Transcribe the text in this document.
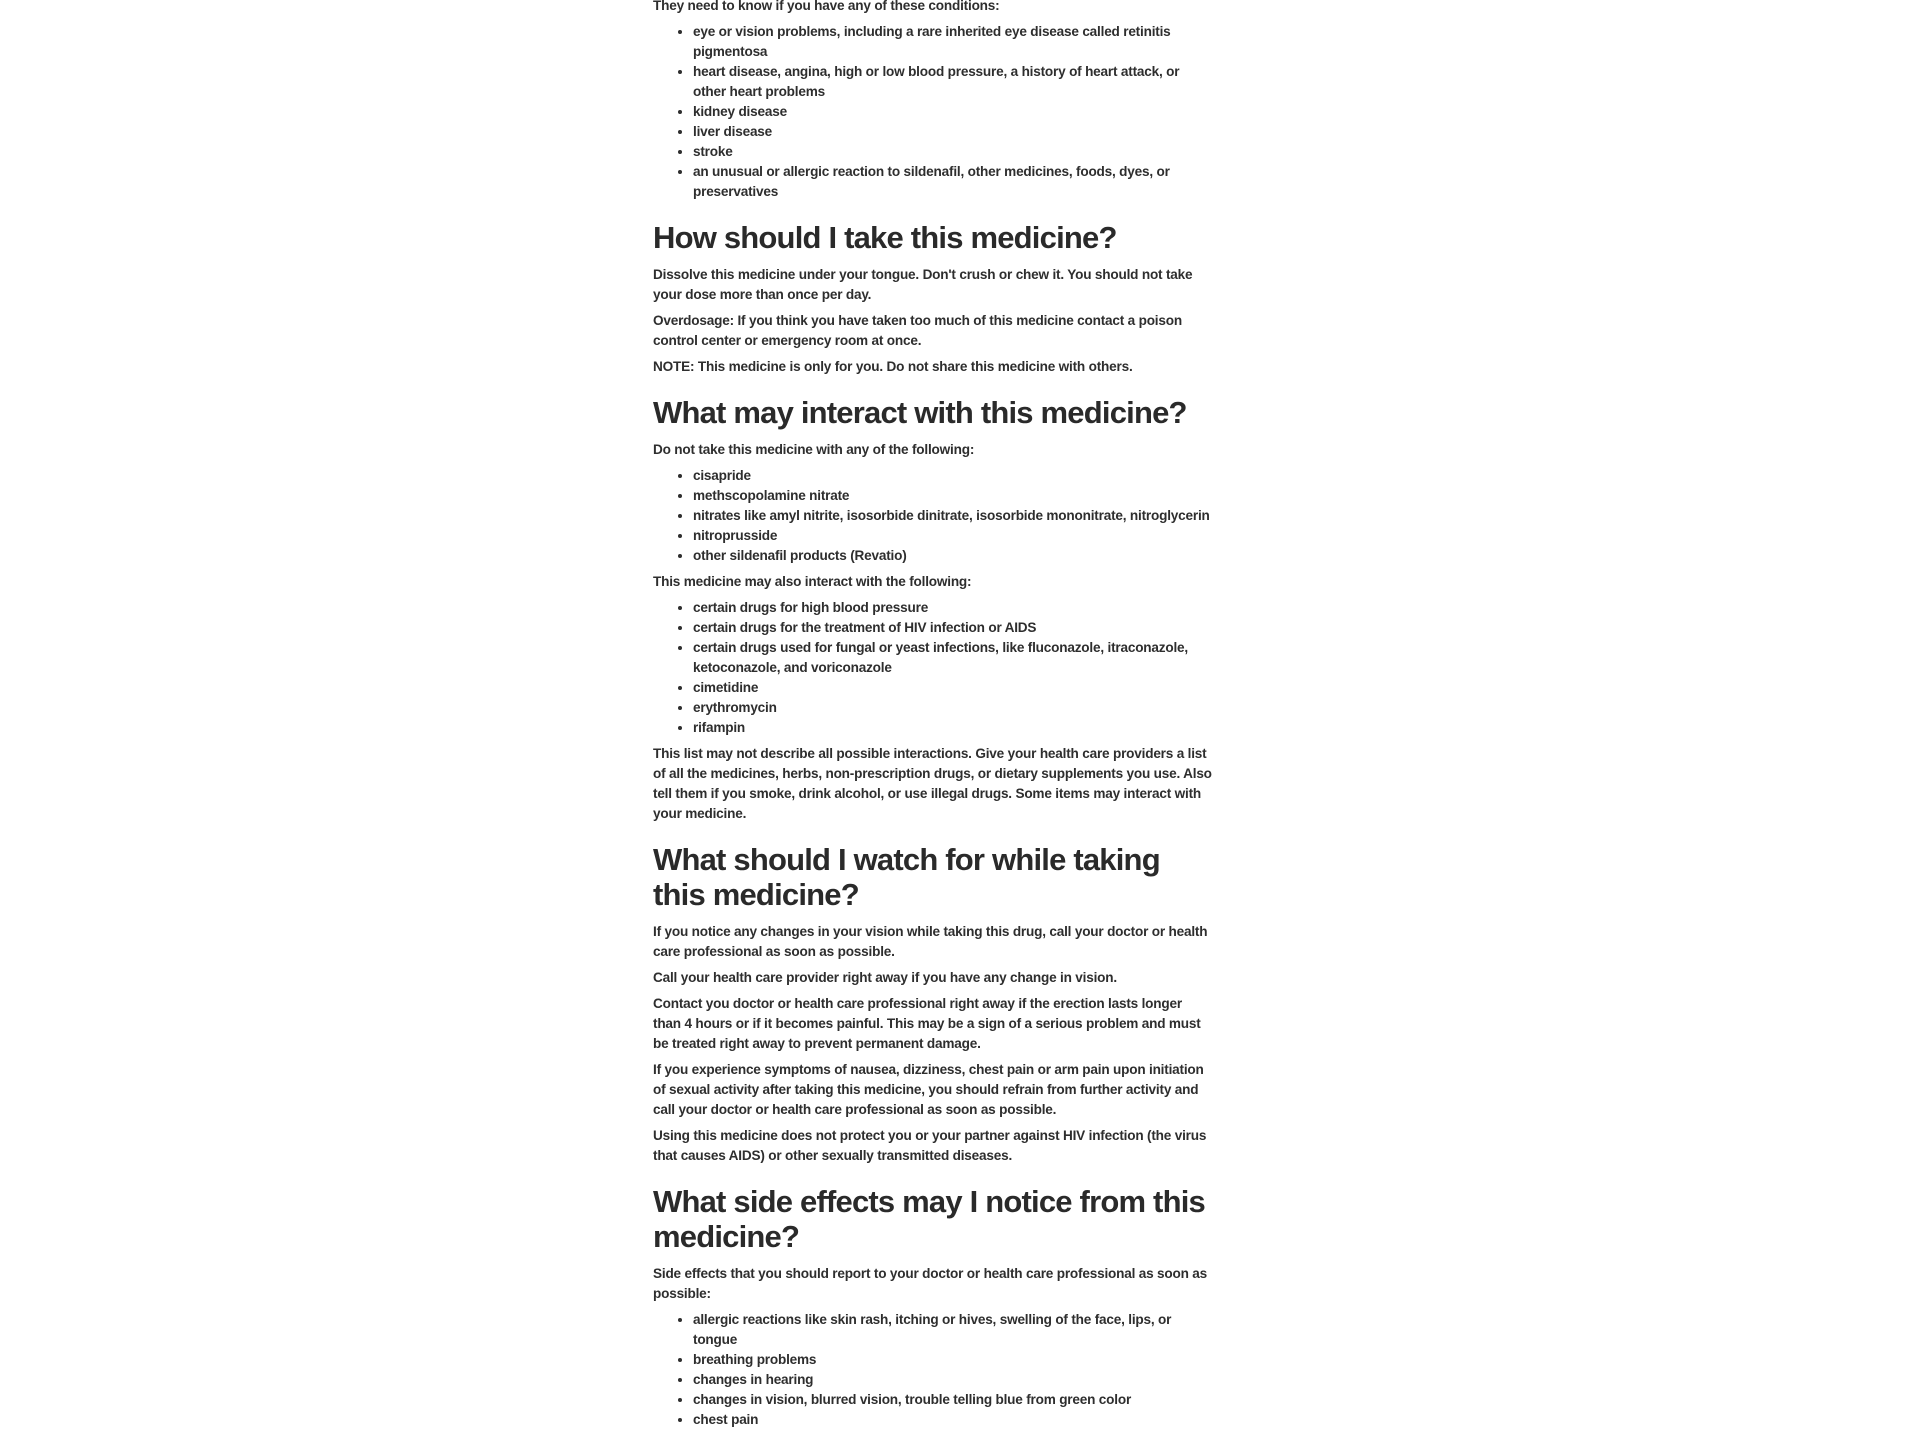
They need to know if you have any of these conditions:

• eye or vision problems, including a rare inherited eye disease called retinitis pigmentosa
• heart disease, angina, high or low blood pressure, a history of heart attack, or other heart problems
• kidney disease
• liver disease
• stroke
• an unusual or allergic reaction to sildenafil, other medicines, foods, dyes, or preservatives
How should I take this medicine?

Dissolve this medicine under your tongue. Don't crush or chew it. You should not take your dose more than once per day.

Overdosage: If you think you have taken too much of this medicine contact a poison control center or emergency room at once.

NOTE: This medicine is only for you. Do not share this medicine with others.

What may interact with this medicine?

Do not take this medicine with any of the following:

• cisapride
• methscopolamine nitrate
• nitrates like amyl nitrite, isosorbide dinitrate, isosorbide mononitrate, nitroglycerin
• nitroprusside
• other sildenafil products (Revatio)

This medicine may also interact with the following:

• certain drugs for high blood pressure
• certain drugs for the treatment of HIV infection or AIDS
• certain drugs used for fungal or yeast infections, like fluconazole, itraconazole, ketoconazole, and voriconazole
• cimetidine
• erythromycin
• rifampin

This list may not describe all possible interactions. Give your health care providers a list of all the medicines, herbs, non-prescription drugs, or dietary supplements you use. Also tell them if you smoke, drink alcohol, or use illegal drugs. Some items may interact with your medicine.

What should I watch for while taking this medicine?

If you notice any changes in your vision while taking this drug, call your doctor or health care professional as soon as possible.

Call your health care provider right away if you have any change in vision.

Contact you doctor or health care professional right away if the erection lasts longer than 4 hours or if it becomes painful. This may be a sign of a serious problem and must be treated right away to prevent permanent damage.

If you experience symptoms of nausea, dizziness, chest pain or arm pain upon initiation of sexual activity after taking this medicine, you should refrain from further activity and call your doctor or health care professional as soon as possible.

Using this medicine does not protect you or your partner against HIV infection (the virus that causes AIDS) or other sexually transmitted diseases.

What side effects may I notice from this medicine?

Side effects that you should report to your doctor or health care professional as soon as possible:

• allergic reactions like skin rash, itching or hives, swelling of the face, lips, or tongue
• breathing problems
• changes in hearing
• changes in vision, blurred vision, trouble telling blue from green color
• chest pain
